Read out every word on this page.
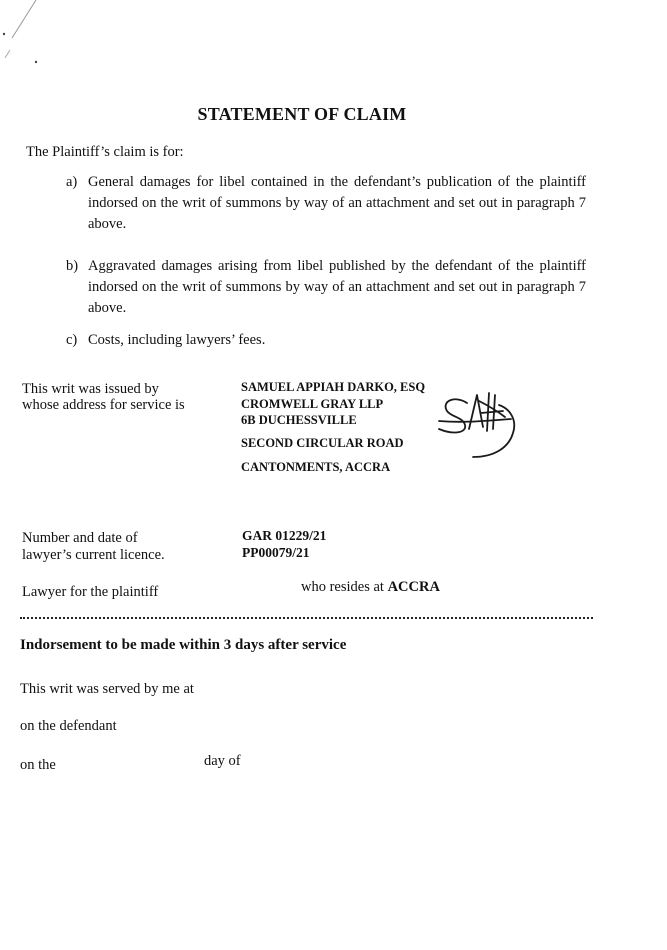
STATEMENT OF CLAIM
The Plaintiff’s claim is for:
a) General damages for libel contained in the defendant’s publication of the plaintiff indorsed on the writ of summons by way of an attachment and set out in paragraph 7 above.
b) Aggravated damages arising from libel published by the defendant of the plaintiff indorsed on the writ of summons by way of an attachment and set out in paragraph 7 above.
c) Costs, including lawyers’ fees.
This writ was issued by
whose address for service is
SAMUEL APPIAH DARKO, ESQ
CROMWELL GRAY LLP
6B DUCHESSVILLE
SECOND CIRCULAR ROAD
CANTONMENTS, ACCRA
Number and date of
lawyer’s current licence.
GAR 01229/21
PP00079/21
Lawyer for the plaintiff	who resides at ACCRA
Indorsement to be made within 3 days after service
This writ was served by me at
on the defendant
on the	day of
